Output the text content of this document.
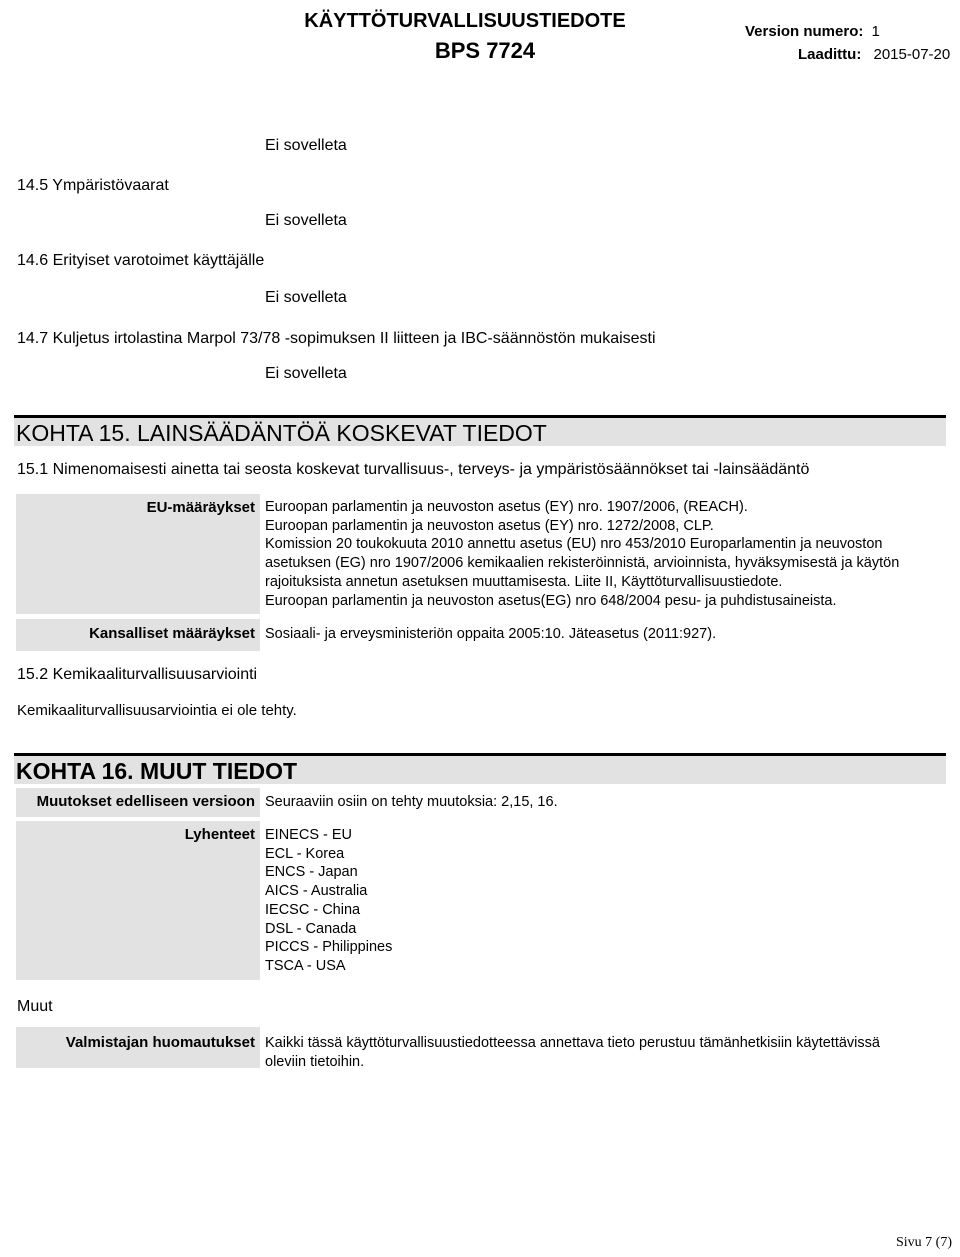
KÄYTTÖTURVALLISUUSTIEDOTE
BPS 7724
Version numero: 1
Laadittu: 2015-07-20
Ei sovelleta
14.5 Ympäristövaarat
Ei sovelleta
14.6 Erityiset varotoimet käyttäjälle
Ei sovelleta
14.7 Kuljetus irtolastina Marpol 73/78 -sopimuksen II liitteen ja IBC-säännöstön mukaisesti
Ei sovelleta
KOHTA 15. LAINSÄÄDÄNTÖÄ KOSKEVAT TIEDOT
15.1 Nimenomaisesti ainetta tai seosta koskevat turvallisuus-, terveys- ja ympäristösäännökset tai -lainsäädäntö
EU-määräykset Euroopan parlamentin ja neuvoston asetus (EY) nro. 1907/2006, (REACH).
Euroopan parlamentin ja neuvoston asetus (EY) nro. 1272/2008, CLP.
Komission 20 toukokuuta 2010 annettu asetus (EU) nro 453/2010 Europarlamentin ja neuvoston
asetuksen (EG) nro 1907/2006 kemikaalien rekisteröinnistä, arvioinnista, hyväksymisestä ja käytön
rajoituksista annetun asetuksen muuttamisesta. Liite II, Käyttöturvallisuustiedote.
Euroopan parlamentin ja neuvoston asetus(EG) nro 648/2004 pesu- ja puhdistusaineista.
Kansalliset määräykset Sosiaali- ja erveysministeriön oppaita 2005:10. Jäteasetus (2011:927).
15.2 Kemikaaliturvallisuusarviointi
Kemikaaliturvallisuusarviointia ei ole tehty.
KOHTA 16. MUUT TIEDOT
Muutokset edelliseen versioon Seuraaviin osiin on tehty muutoksia: 2,15, 16.
Lyhenteet EINECS - EU
ECL - Korea
ENCS - Japan
AICS - Australia
IECSC - China
DSL - Canada
PICCS - Philippines
TSCA - USA
Muut
Valmistajan huomautukset Kaikki tässä käyttöturvallisuustiedotteessa annettava tieto perustuu tämänhetkisiin käytettävissä
oleviin tietoihin.
Sivu 7 (7)
